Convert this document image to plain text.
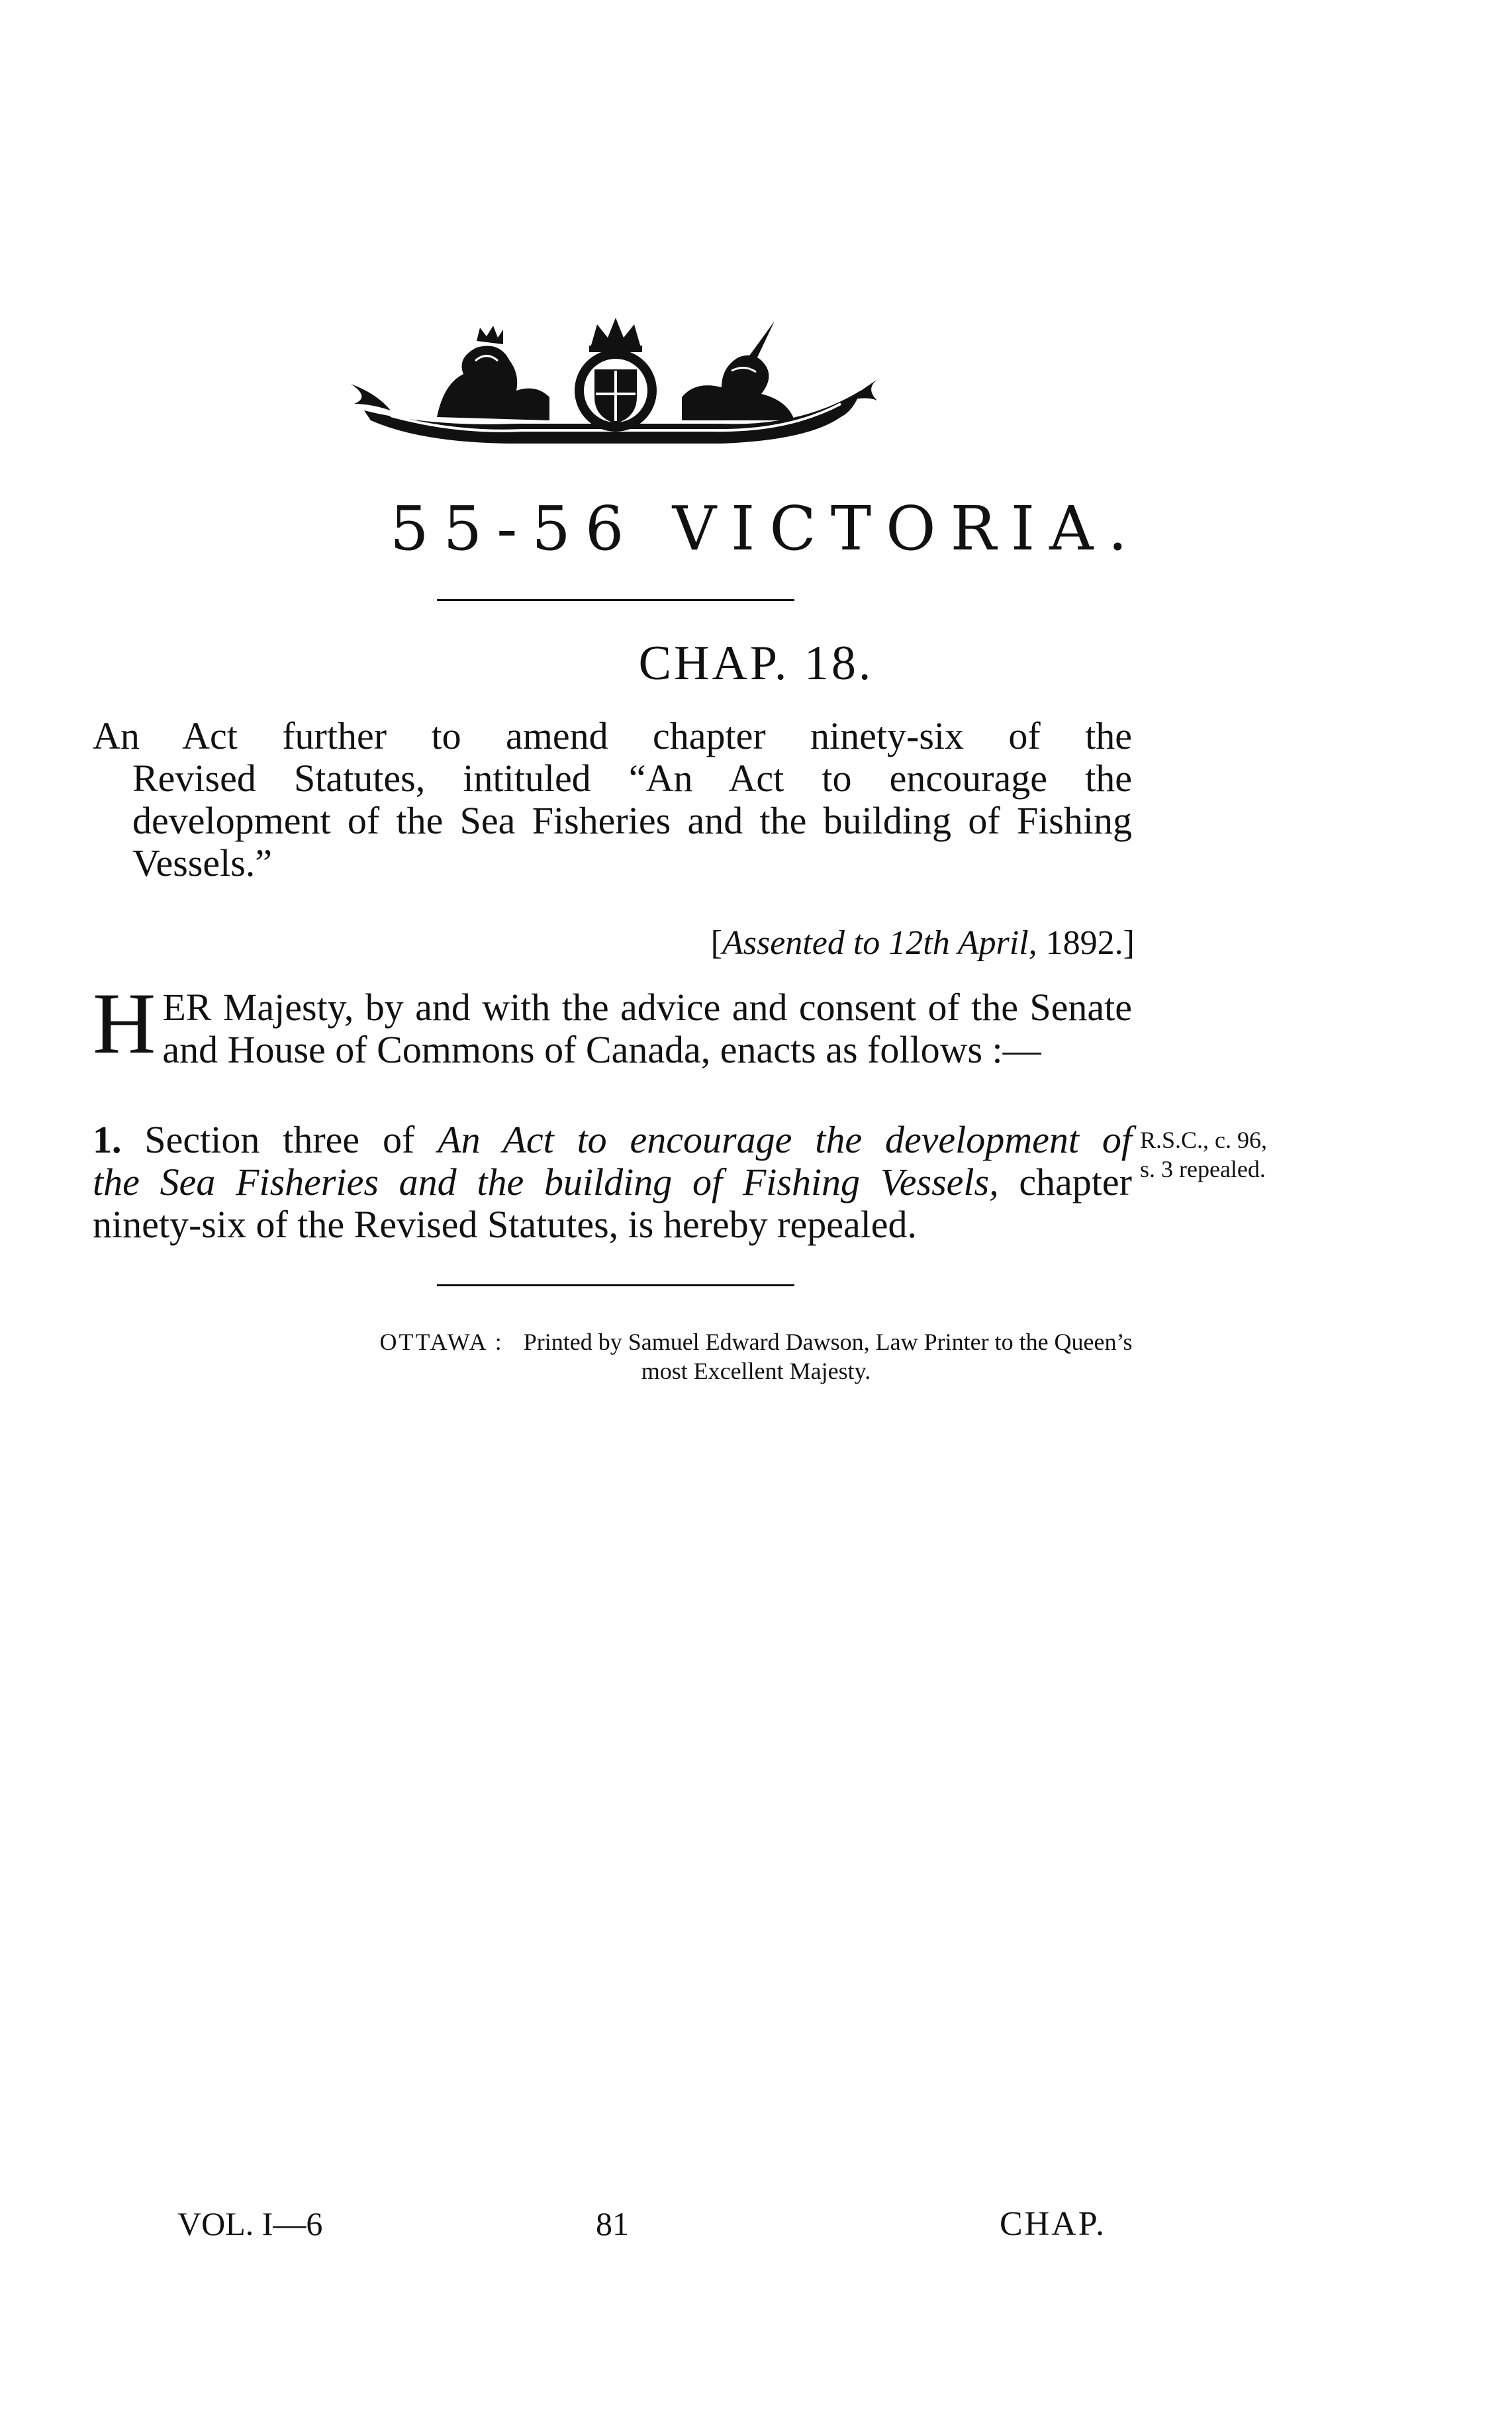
55-56 VICTORIA.
CHAP. 18.

An Act further to amend chapter ninety-six of the
Revised Statutes, intituled “An Act to encourage the development of the Sea Fisheries and the building of Fishing Vessels.”

[Assented to 12th April, 1892.]
H ER Majesty, by and with the advice and consent of the Senate and House of Commons of Canada, enacts as follows :—
1. Section three of An Act to encourage the development of
the Sea Fisheries and the building of Fishing Vessels, chapter
ninety-six of the Revised Statutes, is hereby repealed.
R.S.C., c. 96,
s. 3 repealed.
OTTAWA : Printed by Samuel Edward Dawson, Law Printer to the Queen’s
most Excellent Majesty.
VOL. I—6	81	CHAP.
